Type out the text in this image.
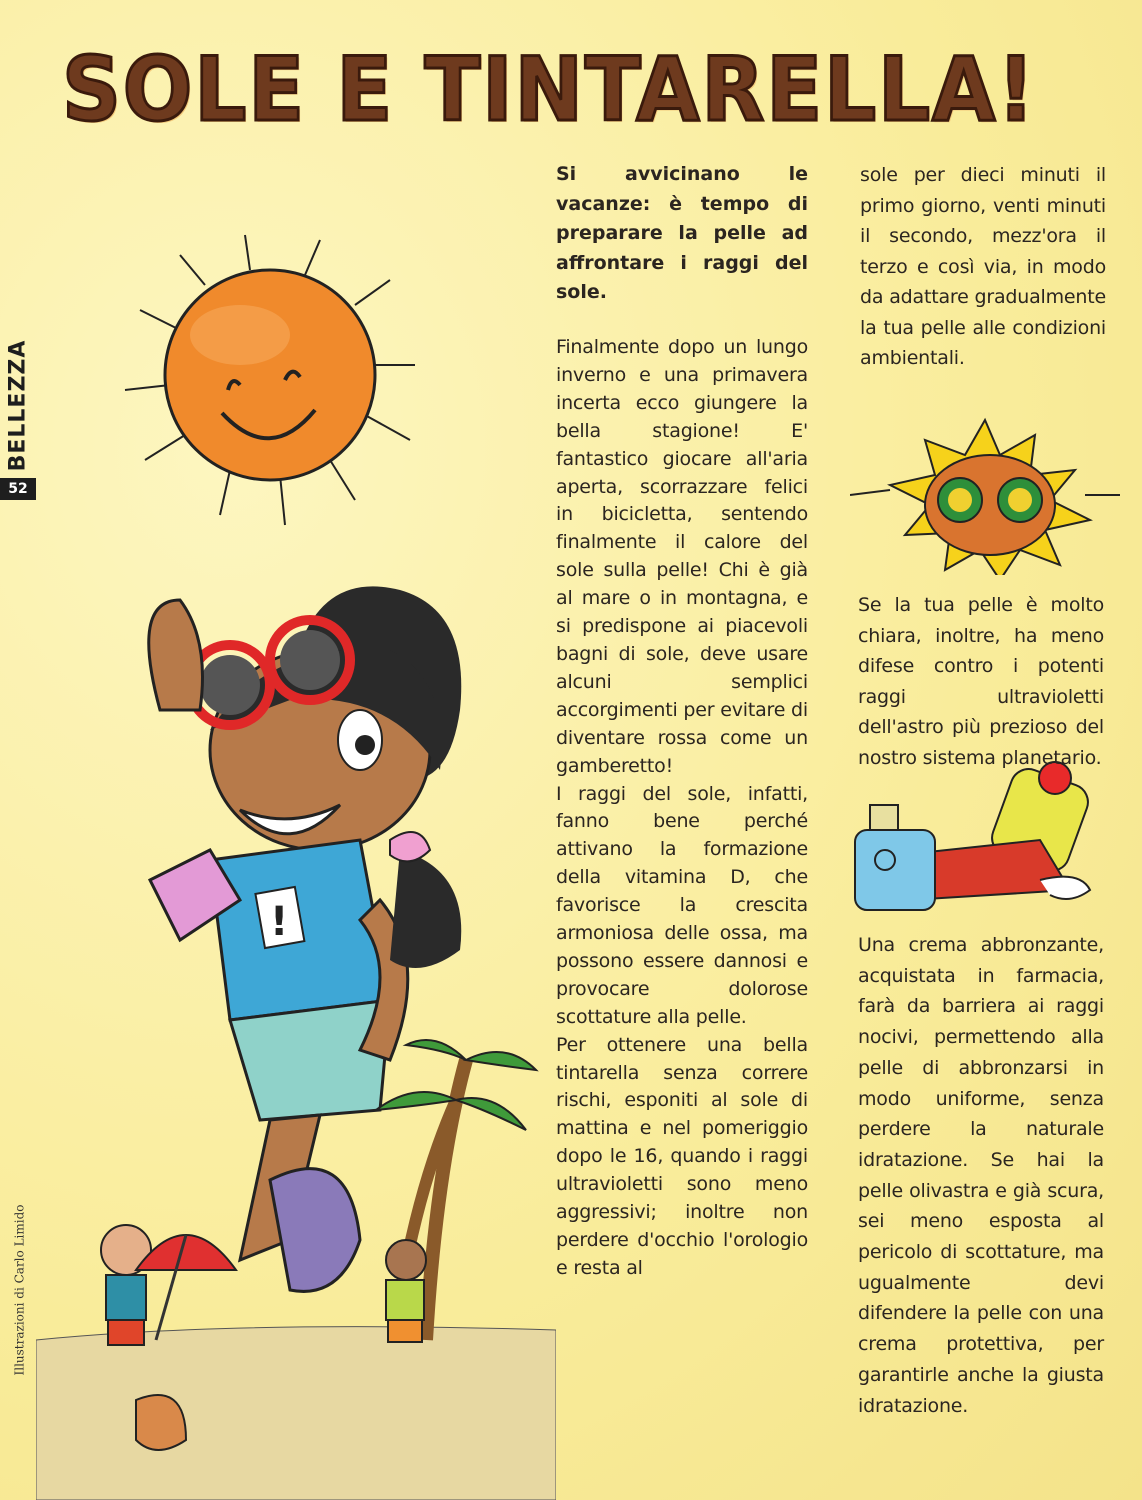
SOLE E TINTARELLA!
BELLEZZA
52
Illustrazioni di Carlo Limido
!
Si avvicinano le vacanze: è tempo di preparare la pelle ad affrontare i raggi del sole.

Finalmente dopo un lungo inverno e una primavera incerta ecco giungere la bella stagione! E' fantastico giocare all'aria aperta, scorrazzare felici in bicicletta, sentendo finalmente il calore del sole sulla pelle! Chi è già al mare o in montagna, e si predispone ai piacevoli bagni di sole, deve usare alcuni semplici accorgimenti per evitare di diventare rossa come un gamberetto!

I raggi del sole, infatti, fanno bene perché attivano la formazione della vitamina D, che favorisce la crescita armoniosa delle ossa, ma possono essere dannosi e provocare dolorose scottature alla pelle.

Per ottenere una bella tintarella senza correre rischi, esponiti al sole di mattina e nel pomeriggio dopo le 16, quando i raggi ultravioletti sono meno aggressivi; inoltre non perdere d'occhio l'orologio e resta al

sole per dieci minuti il primo giorno, venti minuti il secondo, mezz'ora il terzo e così via, in modo da adattare gradualmente la tua pelle alle condizioni ambientali.

Se la tua pelle è molto chiara, inoltre, ha meno difese contro i potenti raggi ultravioletti dell'astro più prezioso del nostro sistema planetario.

Una crema abbronzante, acquistata in farmacia, farà da barriera ai raggi nocivi, permettendo alla pelle di abbronzarsi in modo uniforme, senza perdere la naturale idratazione. Se hai la pelle olivastra e già scura, sei meno esposta al pericolo di scottature, ma ugualmente devi difendere la pelle con una crema protettiva, per garantirle anche la giusta idratazione.
